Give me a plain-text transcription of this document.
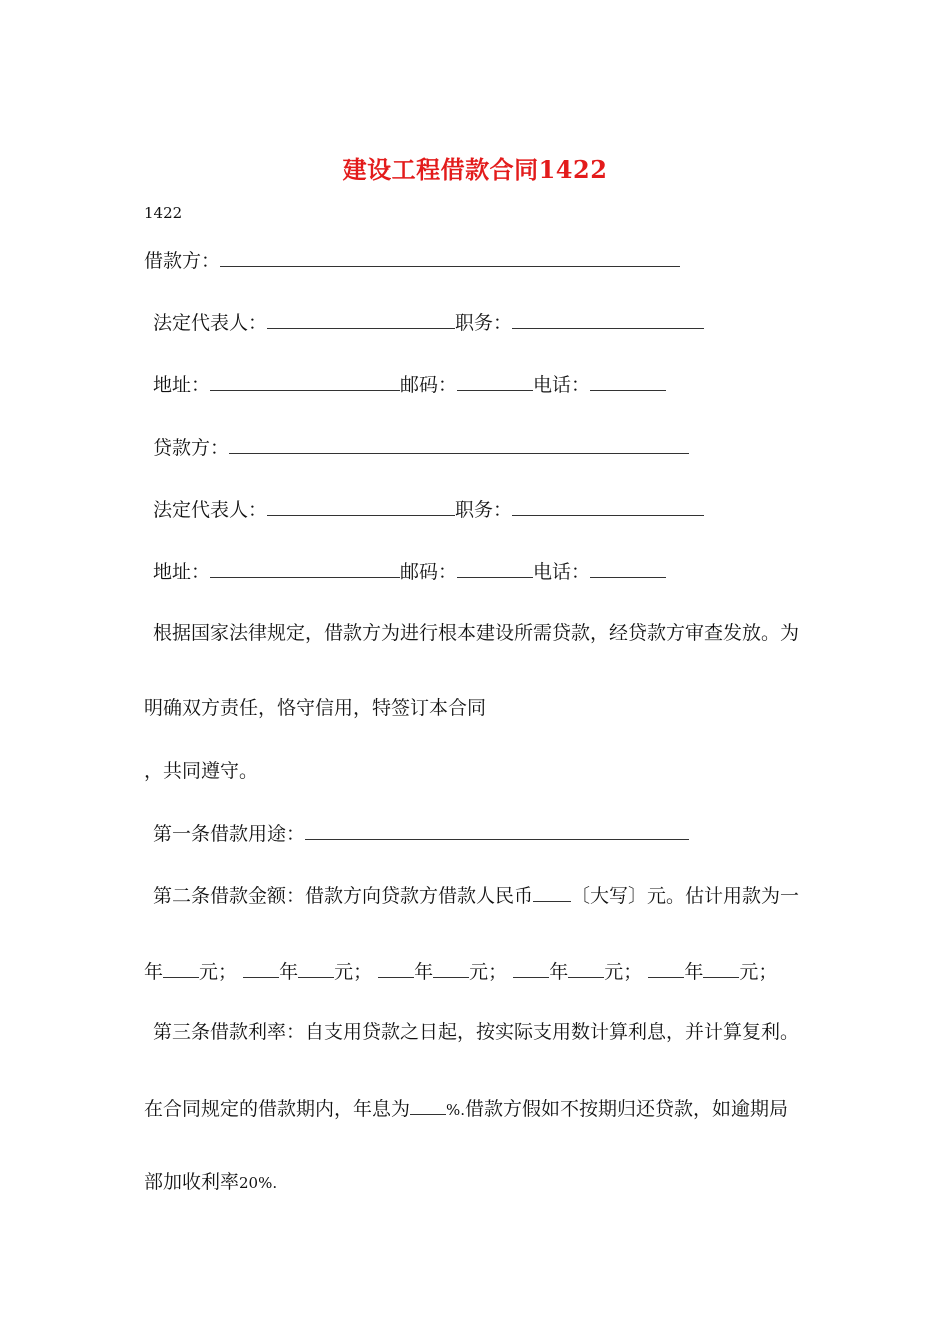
建设工程借款合同1422
1422
借款方：
法定代表人：	职务：
地址：	邮码：	电话：
贷款方：
法定代表人：	职务：
地址：	邮码：	电话：
根据国家法律规定，借款方为进行根本建设所需贷款，经贷款方审查发放。为
明确双方责任，恪守信用，特签订本合同
，共同遵守。
第一条借款用途：
第二条借款金额：借款方向贷款方借款人民币 〔大写〕元。估计用款为一
年 元； 年 元； 年 元； 年 元； 年 元；
第三条借款利率：自支用贷款之日起，按实际支用数计算利息，并计算复利。
在合同规定的借款期内，年息为 %.借款方假如不按期归还贷款，如逾期局
部加收利率20%.
